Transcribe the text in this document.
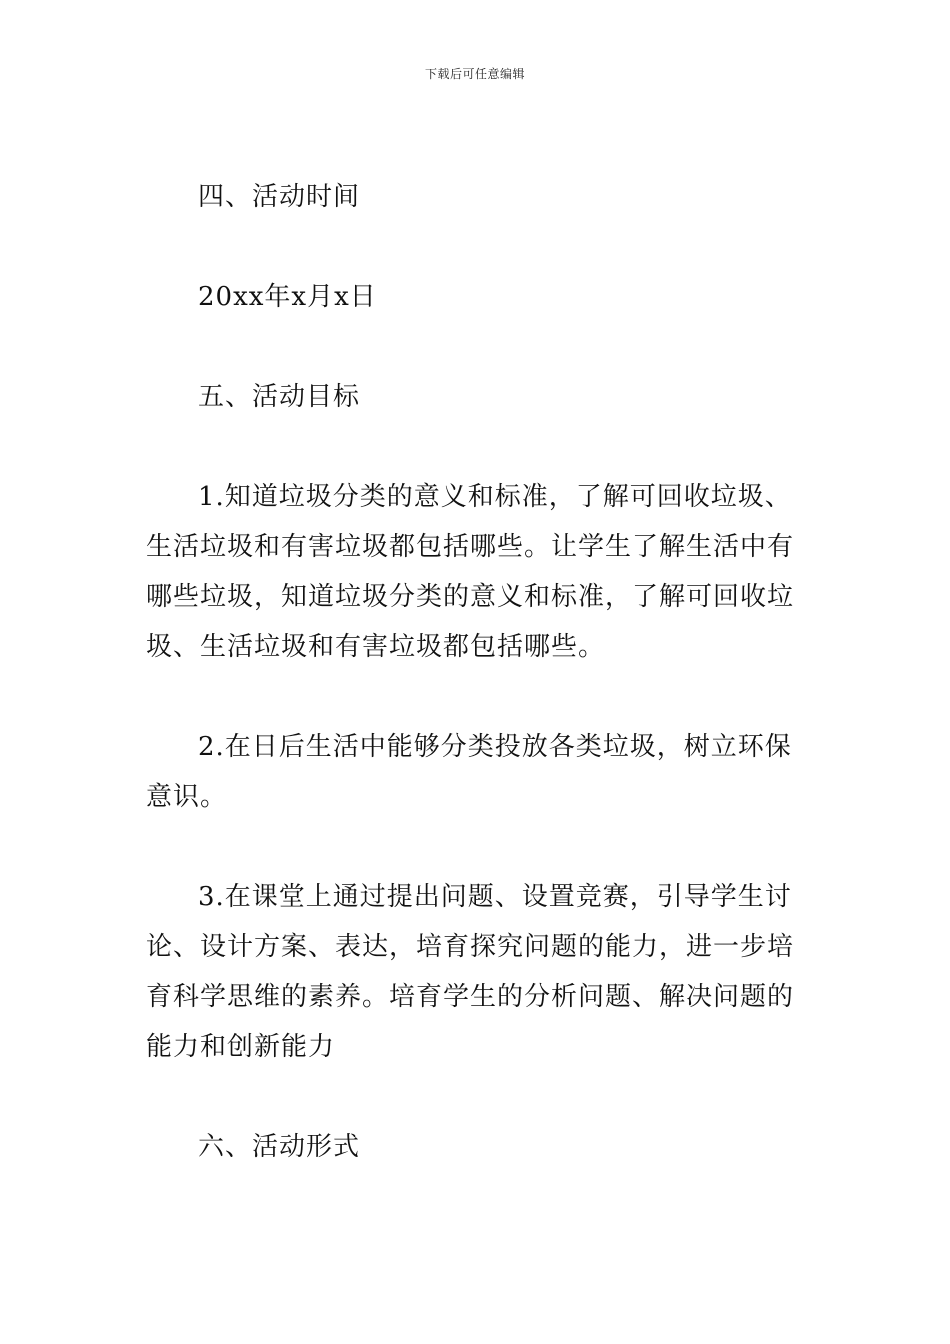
下载后可任意编辑

四、活动时间

20xx年x月x日

五、活动目标

1.知道垃圾分类的意义和标准，了解可回收垃圾、生活垃圾和有害垃圾都包括哪些。让学生了解生活中有哪些垃圾，知道垃圾分类的意义和标准，了解可回收垃圾、生活垃圾和有害垃圾都包括哪些。

2.在日后生活中能够分类投放各类垃圾，树立环保意识。

3.在课堂上通过提出问题、设置竞赛，引导学生讨论、设计方案、表达，培育探究问题的能力，进一步培育科学思维的素养。培育学生的分析问题、解决问题的能力和创新能力

六、活动形式
